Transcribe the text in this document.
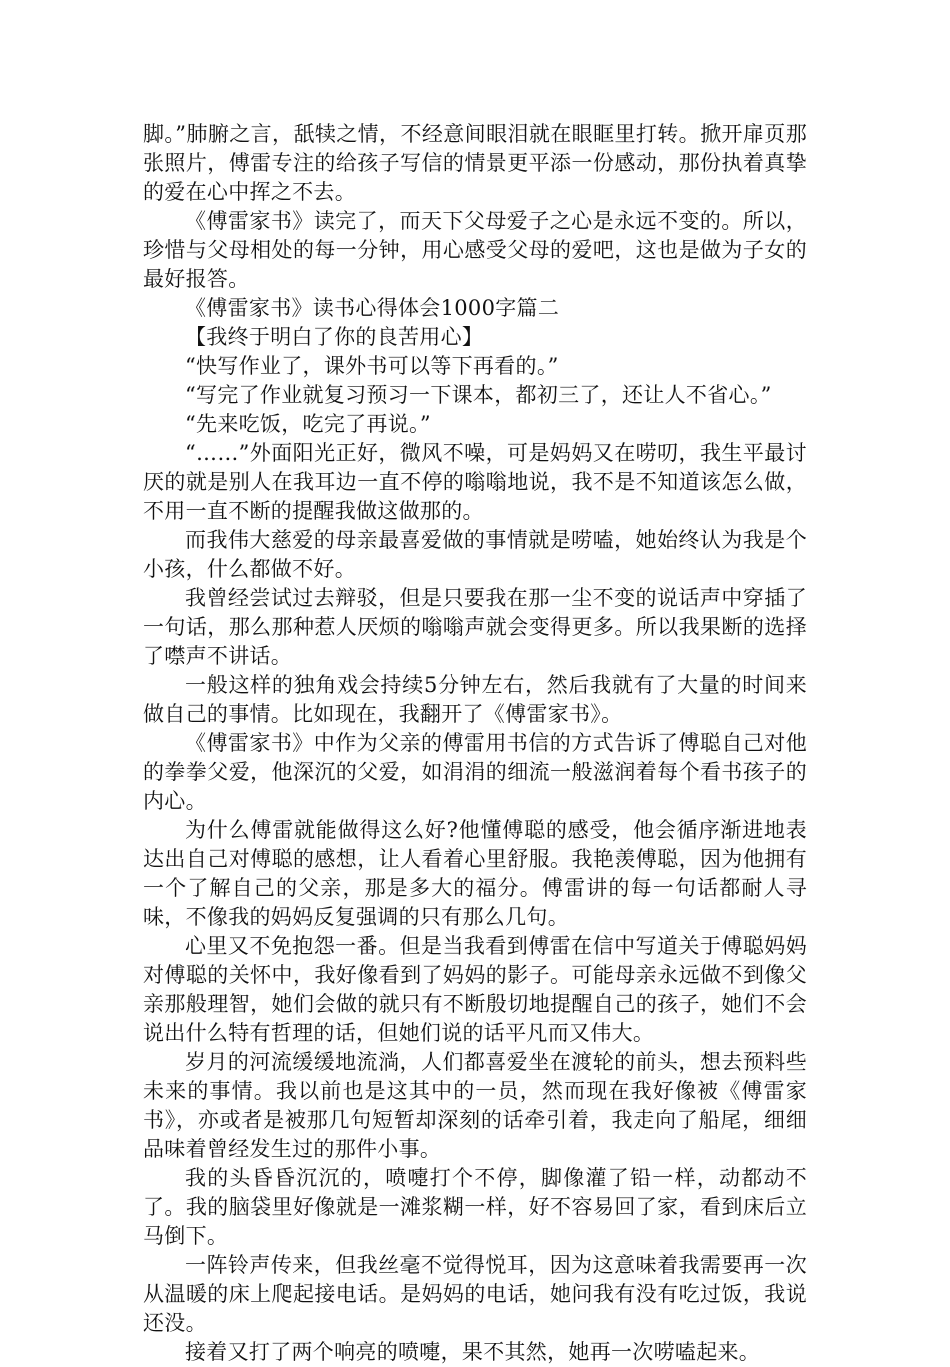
脚。”肺腑之言，舐犊之情，不经意间眼泪就在眼眶里打转。掀开扉页那张照片，傅雷专注的给孩子写信的情景更平添一份感动，那份执着真挚的爱在心中挥之不去。

《傅雷家书》读完了，而天下父母爱子之心是永远不变的。所以，珍惜与父母相处的每一分钟，用心感受父母的爱吧，这也是做为子女的最好报答。

《傅雷家书》读书心得体会1000字篇二

【我终于明白了你的良苦用心】

“快写作业了，课外书可以等下再看的。”

“写完了作业就复习预习一下课本，都初三了，还让人不省心。”

“先来吃饭，吃完了再说。”

“……”外面阳光正好，微风不噪，可是妈妈又在唠叨，我生平最讨厌的就是别人在我耳边一直不停的嗡嗡地说，我不是不知道该怎么做，不用一直不断的提醒我做这做那的。

而我伟大慈爱的母亲最喜爱做的事情就是唠嗑，她始终认为我是个小孩，什么都做不好。

我曾经尝试过去辩驳，但是只要我在那一尘不变的说话声中穿插了一句话，那么那种惹人厌烦的嗡嗡声就会变得更多。所以我果断的选择了噤声不讲话。

一般这样的独角戏会持续5分钟左右，然后我就有了大量的时间来做自己的事情。比如现在，我翻开了《傅雷家书》。

《傅雷家书》中作为父亲的傅雷用书信的方式告诉了傅聪自己对他的拳拳父爱，他深沉的父爱，如涓涓的细流一般滋润着每个看书孩子的内心。

为什么傅雷就能做得这么好?他懂傅聪的感受，他会循序渐进地表达出自己对傅聪的感想，让人看着心里舒服。我艳羡傅聪，因为他拥有一个了解自己的父亲，那是多大的福分。傅雷讲的每一句话都耐人寻味，不像我的妈妈反复强调的只有那么几句。

心里又不免抱怨一番。但是当我看到傅雷在信中写道关于傅聪妈妈对傅聪的关怀中，我好像看到了妈妈的影子。可能母亲永远做不到像父亲那般理智，她们会做的就只有不断殷切地提醒自己的孩子，她们不会说出什么特有哲理的话，但她们说的话平凡而又伟大。

岁月的河流缓缓地流淌，人们都喜爱坐在渡轮的前头，想去预料些未来的事情。我以前也是这其中的一员，然而现在我好像被《傅雷家书》，亦或者是被那几句短暂却深刻的话牵引着，我走向了船尾，细细品味着曾经发生过的那件小事。

我的头昏昏沉沉的，喷嚏打个不停，脚像灌了铅一样，动都动不了。我的脑袋里好像就是一滩浆糊一样，好不容易回了家，看到床后立马倒下。

一阵铃声传来，但我丝毫不觉得悦耳，因为这意味着我需要再一次从温暖的床上爬起接电话。是妈妈的电话，她问我有没有吃过饭，我说还没。

接着又打了两个响亮的喷嚏，果不其然，她再一次唠嗑起来。
